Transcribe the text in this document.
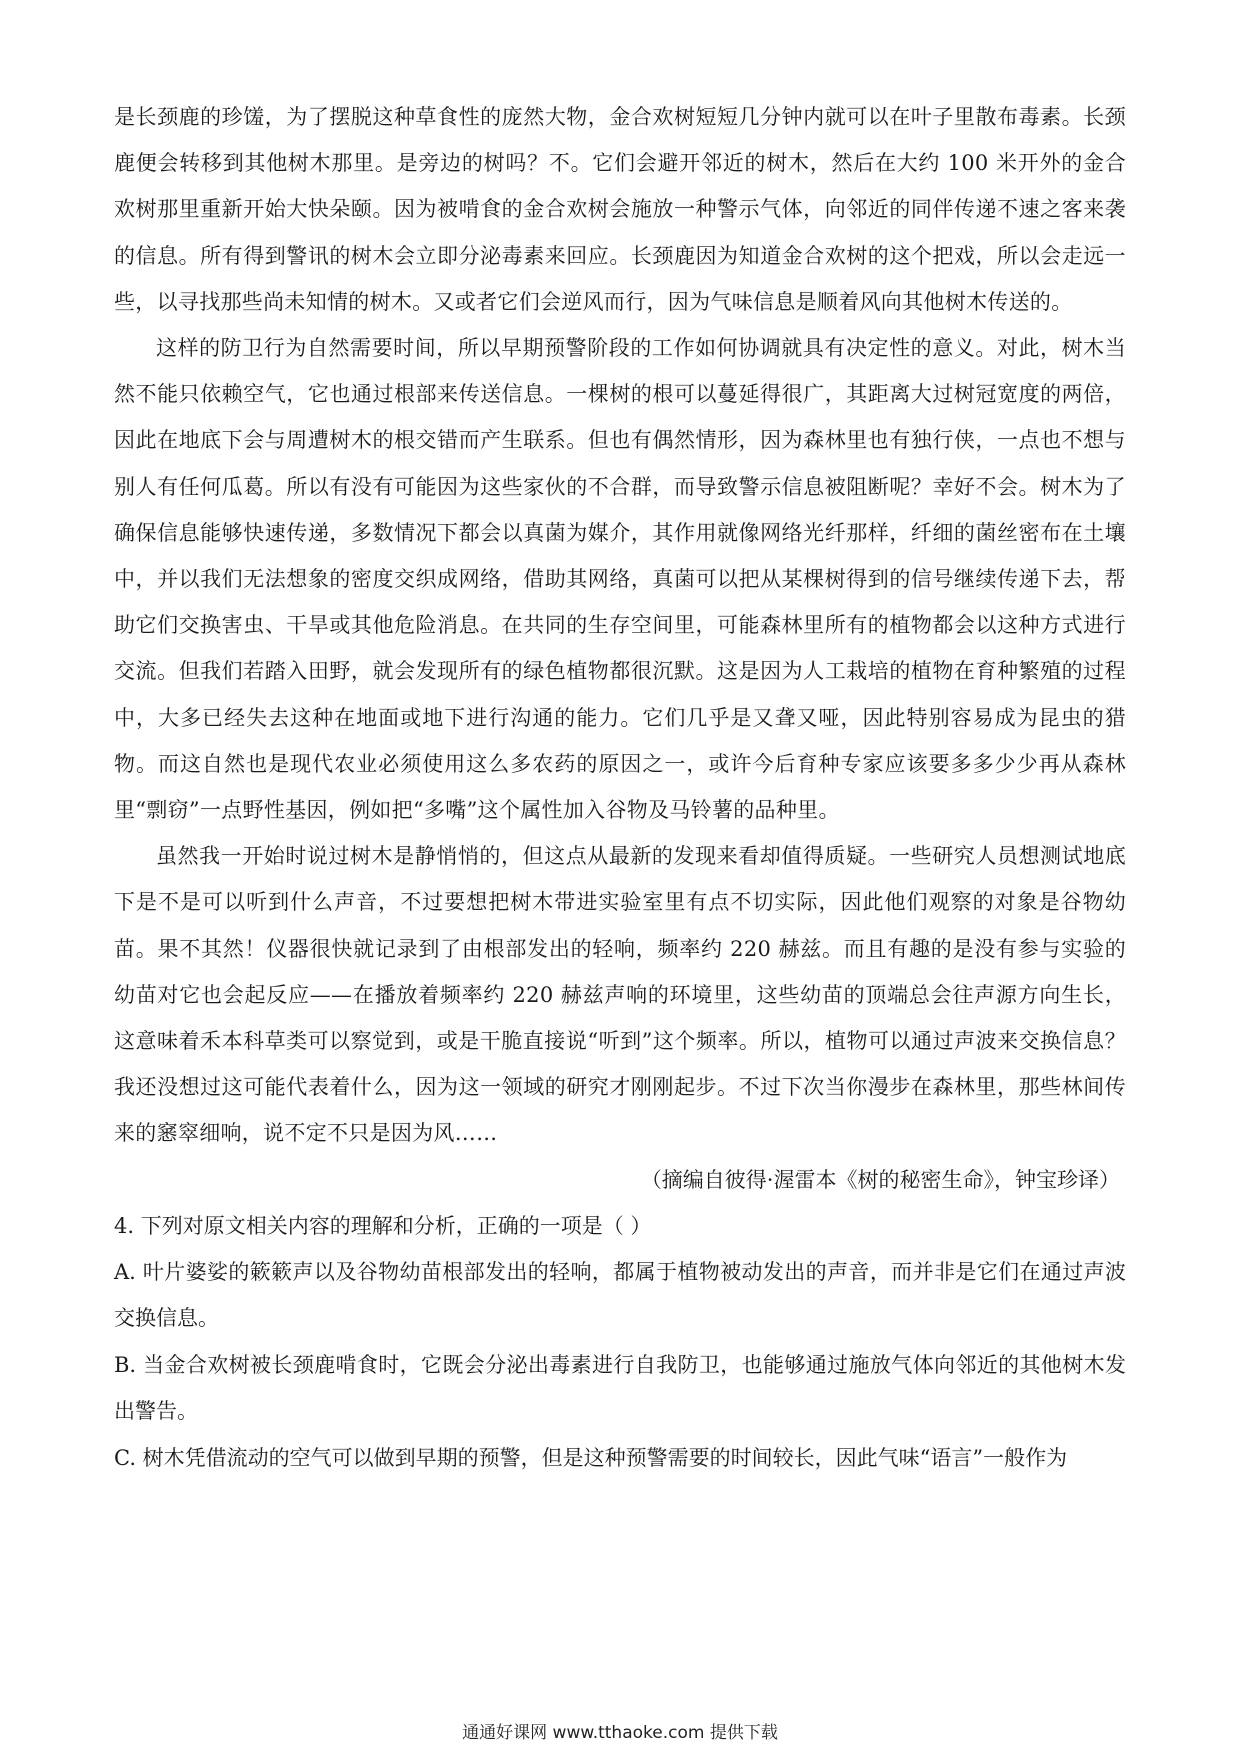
是长颈鹿的珍馐，为了摆脱这种草食性的庞然大物，金合欢树短短几分钟内就可以在叶子里散布毒素。长颈鹿便会转移到其他树木那里。是旁边的树吗？不。它们会避开邻近的树木，然后在大约 100 米开外的金合欢树那里重新开始大快朵颐。因为被啃食的金合欢树会施放一种警示气体，向邻近的同伴传递不速之客来袭的信息。所有得到警讯的树木会立即分泌毒素来回应。长颈鹿因为知道金合欢树的这个把戏，所以会走远一些，以寻找那些尚未知情的树木。又或者它们会逆风而行，因为气味信息是顺着风向其他树木传送的。

这样的防卫行为自然需要时间，所以早期预警阶段的工作如何协调就具有决定性的意义。对此，树木当然不能只依赖空气，它也通过根部来传送信息。一棵树的根可以蔓延得很广，其距离大过树冠宽度的两倍，因此在地底下会与周遭树木的根交错而产生联系。但也有偶然情形，因为森林里也有独行侠，一点也不想与别人有任何瓜葛。所以有没有可能因为这些家伙的不合群，而导致警示信息被阻断呢？幸好不会。树木为了确保信息能够快速传递，多数情况下都会以真菌为媒介，其作用就像网络光纤那样，纤细的菌丝密布在土壤中，并以我们无法想象的密度交织成网络，借助其网络，真菌可以把从某棵树得到的信号继续传递下去，帮助它们交换害虫、干旱或其他危险消息。在共同的生存空间里，可能森林里所有的植物都会以这种方式进行交流。但我们若踏入田野，就会发现所有的绿色植物都很沉默。这是因为人工栽培的植物在育种繁殖的过程中，大多已经失去这种在地面或地下进行沟通的能力。它们几乎是又聋又哑，因此特别容易成为昆虫的猎物。而这自然也是现代农业必须使用这么多农药的原因之一，或许今后育种专家应该要多多少少再从森林里“剽窃”一点野性基因，例如把“多嘴”这个属性加入谷物及马铃薯的品种里。

虽然我一开始时说过树木是静悄悄的，但这点从最新的发现来看却值得质疑。一些研究人员想测试地底下是不是可以听到什么声音，不过要想把树木带进实验室里有点不切实际，因此他们观察的对象是谷物幼苗。果不其然！仪器很快就记录到了由根部发出的轻响，频率约 220 赫兹。而且有趣的是没有参与实验的幼苗对它也会起反应——在播放着频率约 220 赫兹声响的环境里，这些幼苗的顶端总会往声源方向生长，这意味着禾本科草类可以察觉到，或是干脆直接说“听到”这个频率。所以，植物可以通过声波来交换信息？我还没想过这可能代表着什么，因为这一领域的研究才刚刚起步。不过下次当你漫步在森林里，那些林间传来的窸窣细响，说不定不只是因为风……

（摘编自彼得·渥雷本《树的秘密生命》，钟宝珍译）

4. 下列对原文相关内容的理解和分析，正确的一项是（ ）

A. 叶片婆娑的簌簌声以及谷物幼苗根部发出的轻响，都属于植物被动发出的声音，而并非是它们在通过声波交换信息。

B. 当金合欢树被长颈鹿啃食时，它既会分泌出毒素进行自我防卫，也能够通过施放气体向邻近的其他树木发出警告。

C. 树木凭借流动的空气可以做到早期的预警，但是这种预警需要的时间较长，因此气味“语言”一般作为

通通好课网 www.tthaoke.com 提供下载
